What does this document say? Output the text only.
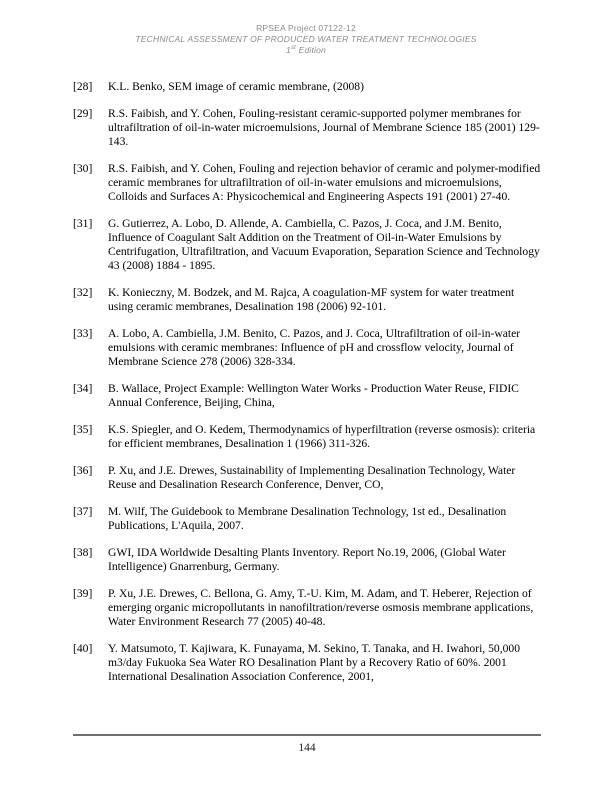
RPSEA Project 07122-12
TECHNICAL ASSESSMENT OF PRODUCED WATER TREATMENT TECHNOLOGIES
1st Edition
[28]	K.L. Benko, SEM image of ceramic membrane, (2008)
[29]	R.S. Faibish, and Y. Cohen, Fouling-resistant ceramic-supported polymer membranes for ultrafiltration of oil-in-water microemulsions, Journal of Membrane Science 185 (2001) 129-143.
[30]	R.S. Faibish, and Y. Cohen, Fouling and rejection behavior of ceramic and polymer-modified ceramic membranes for ultrafiltration of oil-in-water emulsions and microemulsions, Colloids and Surfaces A: Physicochemical and Engineering Aspects 191 (2001) 27-40.
[31]	G. Gutierrez, A. Lobo, D. Allende, A. Cambiella, C. Pazos, J. Coca, and J.M. Benito, Influence of Coagulant Salt Addition on the Treatment of Oil-in-Water Emulsions by Centrifugation, Ultrafiltration, and Vacuum Evaporation, Separation Science and Technology 43 (2008) 1884 - 1895.
[32]	K. Konieczny, M. Bodzek, and M. Rajca, A coagulation-MF system for water treatment using ceramic membranes, Desalination 198 (2006) 92-101.
[33]	A. Lobo, A. Cambiella, J.M. Benito, C. Pazos, and J. Coca, Ultrafiltration of oil-in-water emulsions with ceramic membranes: Influence of pH and crossflow velocity, Journal of Membrane Science 278 (2006) 328-334.
[34]	B. Wallace, Project Example: Wellington Water Works - Production Water Reuse, FIDIC Annual Conference, Beijing, China,
[35]	K.S. Spiegler, and O. Kedem, Thermodynamics of hyperfiltration (reverse osmosis): criteria for efficient membranes, Desalination 1 (1966) 311-326.
[36]	P. Xu, and J.E. Drewes, Sustainability of Implementing Desalination Technology, Water Reuse and Desalination Research Conference, Denver, CO,
[37]	M. Wilf, The Guidebook to Membrane Desalination Technology, 1st ed., Desalination Publications, L'Aquila, 2007.
[38]	GWI, IDA Worldwide Desalting Plants Inventory. Report No.19, 2006, (Global Water Intelligence) Gnarrenburg, Germany.
[39]	P. Xu, J.E. Drewes, C. Bellona, G. Amy, T.-U. Kim, M. Adam, and T. Heberer, Rejection of emerging organic micropollutants in nanofiltration/reverse osmosis membrane applications, Water Environment Research 77 (2005) 40-48.
[40]	Y. Matsumoto, T. Kajiwara, K. Funayama, M. Sekino, T. Tanaka, and H. Iwahori, 50,000 m3/day Fukuoka Sea Water RO Desalination Plant by a Recovery Ratio of 60%. 2001 International Desalination Association Conference, 2001,
144
